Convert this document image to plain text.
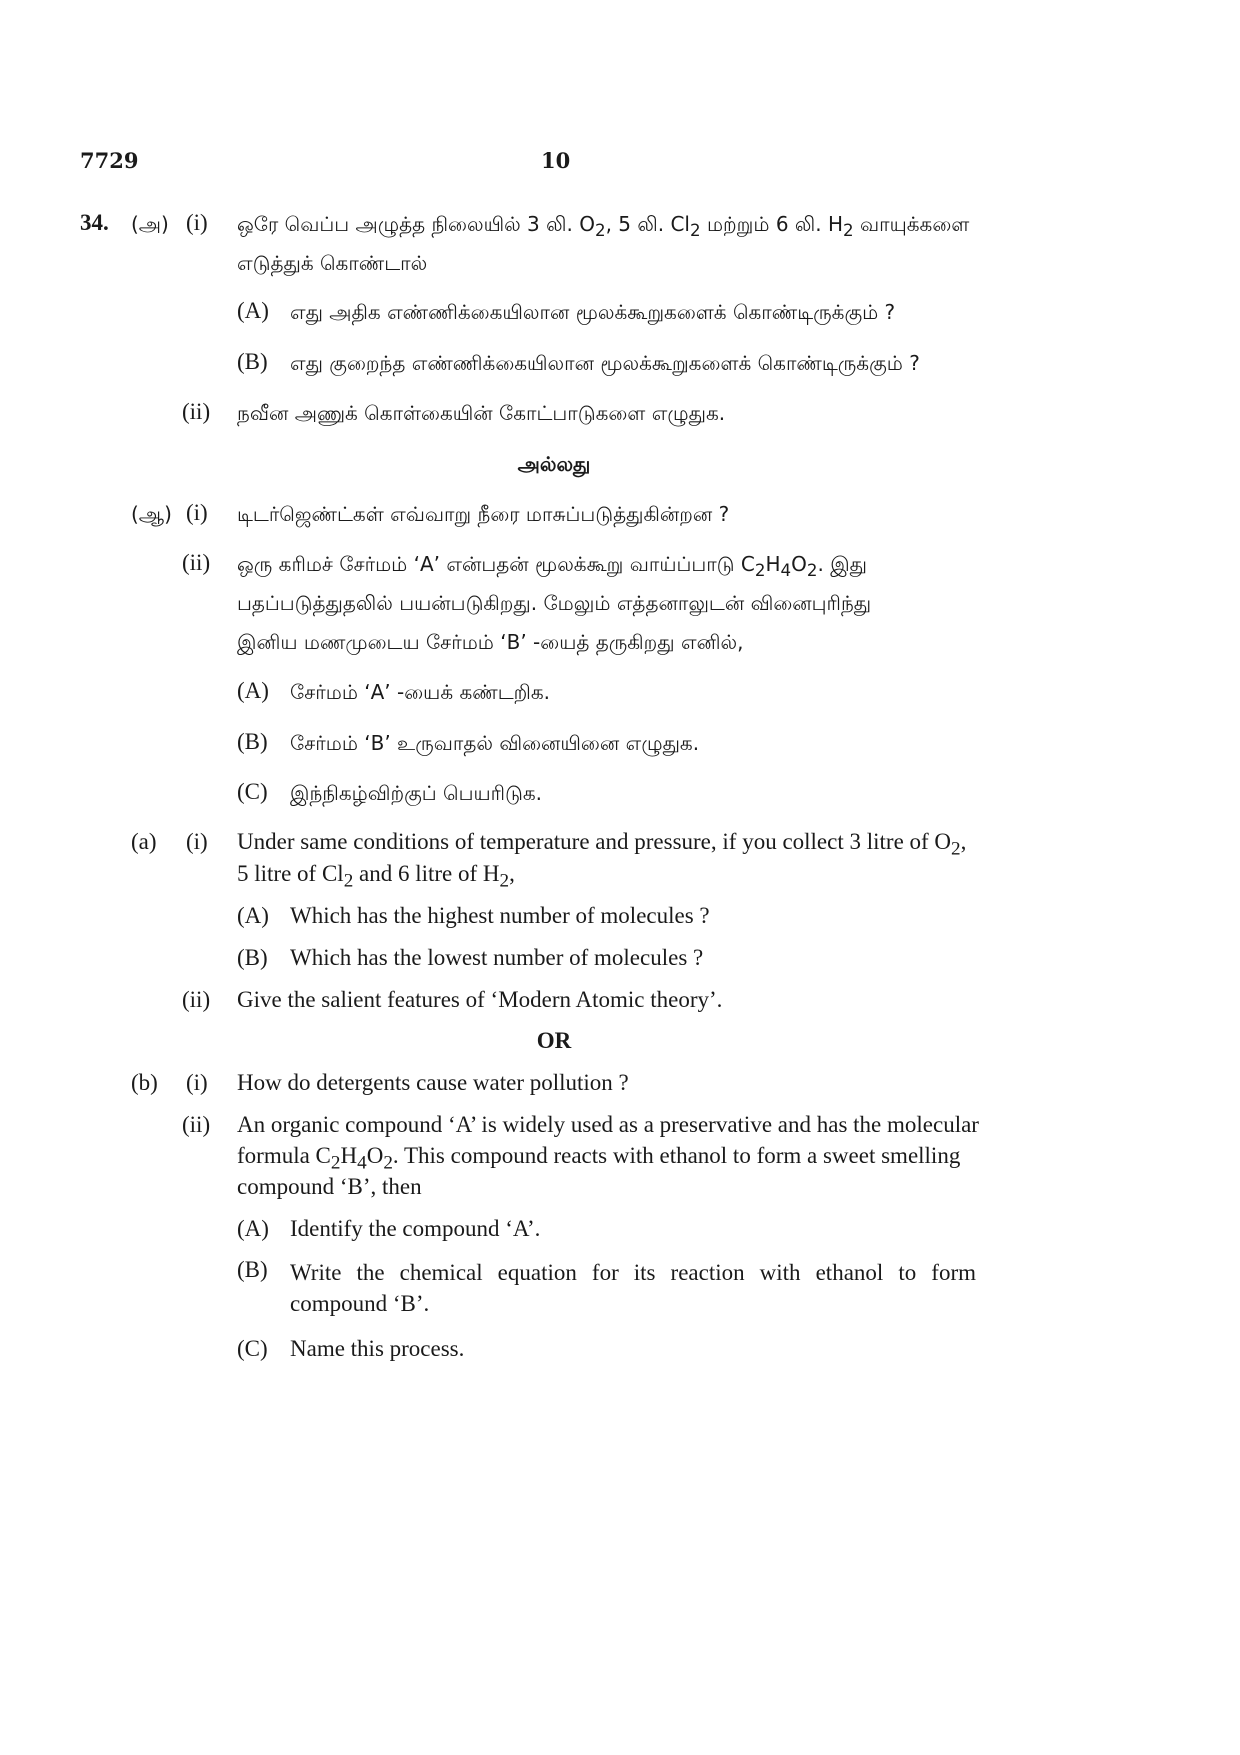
7729	10
34. (அ) (i) ஒரே வெப்ப அழுத்த நிலையில் 3 லி. $O_2$, 5 லி. $Cl_2$ மற்றும் 6 லி. $H_2$ வாயுக்களை
எடுத்துக் கொண்டால்
(A) எது அதிக எண்ணிக்கையிலான மூலக்கூறுகளைக் கொண்டிருக்கும் ?
(B) எது குறைந்த எண்ணிக்கையிலான மூலக்கூறுகளைக் கொண்டிருக்கும் ?
(ii) நவீன அணுக் கொள்கையின் கோட்பாடுகளை எழுதுக.
அல்லது
(ஆ) (i) டிடர்ஜெண்ட்கள் எவ்வாறு நீரை மாசுப்படுத்துகின்றன ?
(ii) ஒரு கரிமச் சேர்மம் ‘A’ என்பதன் மூலக்கூறு வாய்ப்பாடு $C_2H_4O_2$. இது
பதப்படுத்துதலில் பயன்படுகிறது. மேலும் எத்தனாலுடன் வினைபுரிந்து
இனிய மணமுடைய சேர்மம் ‘B’ -யைத் தருகிறது எனில்,
(A) சேர்மம் ‘A’ -யைக் கண்டறிக.
(B) சேர்மம் ‘B’ உருவாதல் வினையினை எழுதுக.
(C) இந்நிகழ்விற்குப் பெயரிடுக.
(a) (i) Under same conditions of temperature and pressure, if you collect 3 litre of $O_2$,
5 litre of $Cl_2$ and 6 litre of $H_2$,
(A) Which has the highest number of molecules ?
(B) Which has the lowest number of molecules ?
(ii) Give the salient features of ‘Modern Atomic theory’.
OR
(b) (i) How do detergents cause water pollution ?
(ii) An organic compound ‘A’ is widely used as a preservative and has the molecular
formula $C_2H_4O_2$. This compound reacts with ethanol to form a sweet smelling
compound ‘B’, then
(A) Identify the compound ‘A’.
(B) Write the chemical equation for its reaction with ethanol to form compound ‘B’.
(C) Name this process.
